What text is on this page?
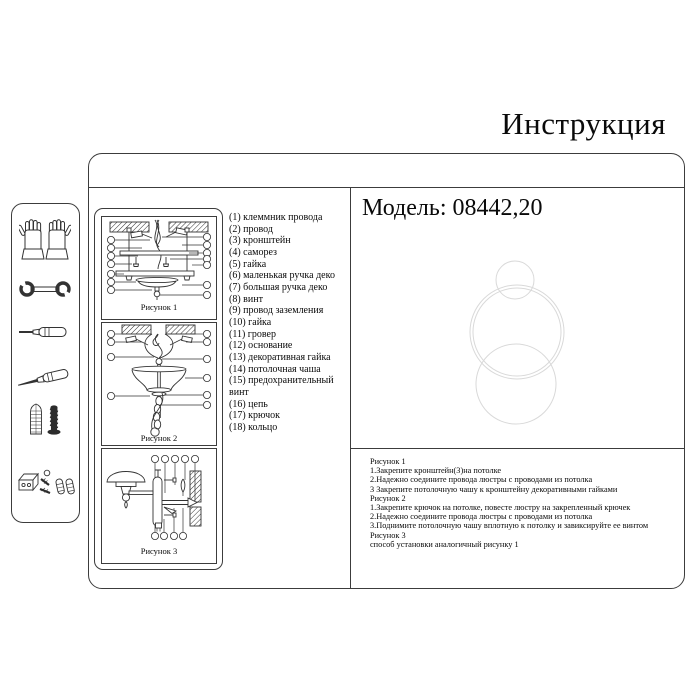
Инструкция
Модель: 08442,20
Рисунок 1
Рисунок 2
Рисунок 3
(1) клеммник провода
(2) провод
(3) кронштейн
(4) саморез
(5) гайка
(6) маленькая ручка деко
(7) большая ручка деко
(8) винт
(9) провод заземления
(10) гайка
(11) гровер
(12) основание
(13) декоративная гайка
(14) потолочная чаша
(15) предохранительный винт
(16) цепь
(17) крючок
(18) кольцо
Рисунок 1
1.Закрепите кронштейн(3)на потолке
2.Надежно соедините провода люстры с проводами из потолка
3 Закрепите потолочную чашу к кронштейну декоративными гайками
Рисунок 2
1.Закрепите крючок на потолке, повесте люстру на закрепленный крючек
2.Надежно соедините провода люстры с проводами из потолка
3.Поднимите потолочную чашу вплотную к потолку и завиксируйте ее винтом
Рисунок 3
способ установки аналогичный рисунку 1
